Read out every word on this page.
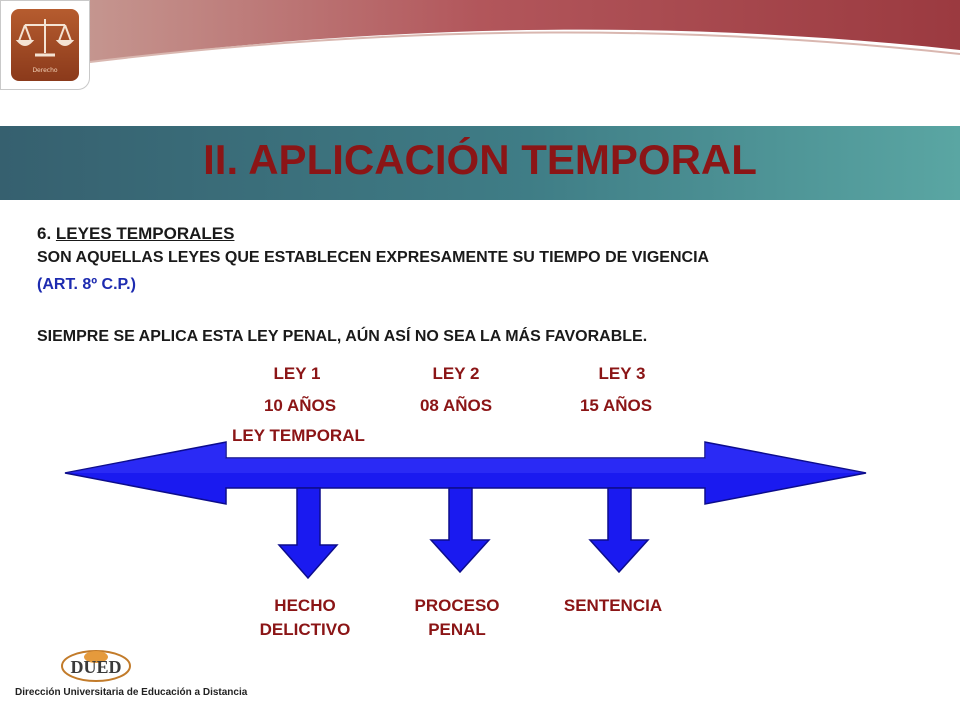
Derecho
II. APLICACIÓN TEMPORAL
6. LEYES TEMPORALES
SON AQUELLAS LEYES QUE ESTABLECEN EXPRESAMENTE SU TIEMPO DE VIGENCIA
(ART. 8º C.P.)
SIEMPRE SE APLICA ESTA LEY PENAL, AÚN ASÍ NO SEA LA MÁS FAVORABLE.
LEY 1	LEY 2	LEY 3
10 AÑOS	08 AÑOS	15 AÑOS
LEY TEMPORAL
HECHO
DELICTIVO
PROCESO
PENAL
SENTENCIA
DUED
Dirección Universitaria de Educación a Distancia
